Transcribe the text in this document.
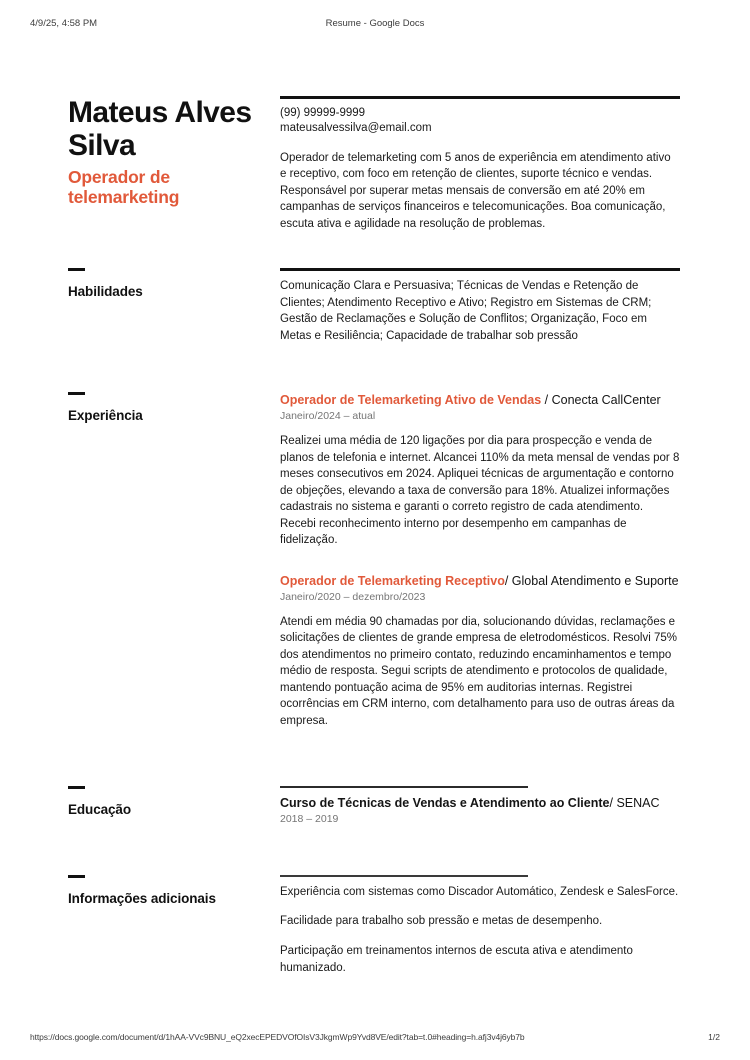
4/9/25, 4:58 PM	Resume - Google Docs
Mateus Alves Silva
Operador de telemarketing
(99) 99999-9999
mateusalvessilva@email.com

Operador de telemarketing com 5 anos de experiência em atendimento ativo e receptivo, com foco em retenção de clientes, suporte técnico e vendas. Responsável por superar metas mensais de conversão em até 20% em campanhas de serviços financeiros e telecomunicações. Boa comunicação, escuta ativa e agilidade na resolução de problemas.

Habilidades	Comunicação Clara e Persuasiva; Técnicas de Vendas e Retenção de Clientes; Atendimento Receptivo e Ativo; Registro em Sistemas de CRM; Gestão de Reclamações e Solução de Conflitos; Organização, Foco em Metas e Resiliência; Capacidade de trabalhar sob pressão

Experiência
Operador de Telemarketing Ativo de Vendas / Conecta CallCenter
Janeiro/2024 – atual

Realizei uma média de 120 ligações por dia para prospecção e venda de planos de telefonia e internet. Alcancei 110% da meta mensal de vendas por 8 meses consecutivos em 2024. Apliquei técnicas de argumentação e contorno de objeções, elevando a taxa de conversão para 18%. Atualizei informações cadastrais no sistema e garanti o correto registro de cada atendimento. Recebi reconhecimento interno por desempenho em campanhas de fidelização.

Operador de Telemarketing Receptivo/ Global Atendimento e Suporte
Janeiro/2020 – dezembro/2023

Atendi em média 90 chamadas por dia, solucionando dúvidas, reclamações e solicitações de clientes de grande empresa de eletrodomésticos. Resolvi 75% dos atendimentos no primeiro contato, reduzindo encaminhamentos e tempo médio de resposta. Segui scripts de atendimento e protocolos de qualidade, mantendo pontuação acima de 95% em auditorias internas. Registrei ocorrências em CRM interno, com detalhamento para uso de outras áreas da empresa.

Educação	Curso de Técnicas de Vendas e Atendimento ao Cliente/ SENAC
2018 – 2019
Informações adicionais	Experiência com sistemas como Discador Automático, Zendesk e SalesForce.

Facilidade para trabalho sob pressão e metas de desempenho.

Participação em treinamentos internos de escuta ativa e atendimento humanizado.

https://docs.google.com/document/d/1hAA-VVc9BNU_eQ2xecEPEDVOfOIsV3JkgmWp9Yvd8VE/edit?tab=t.0#heading=h.afj3v4j6yb7b	1/2
